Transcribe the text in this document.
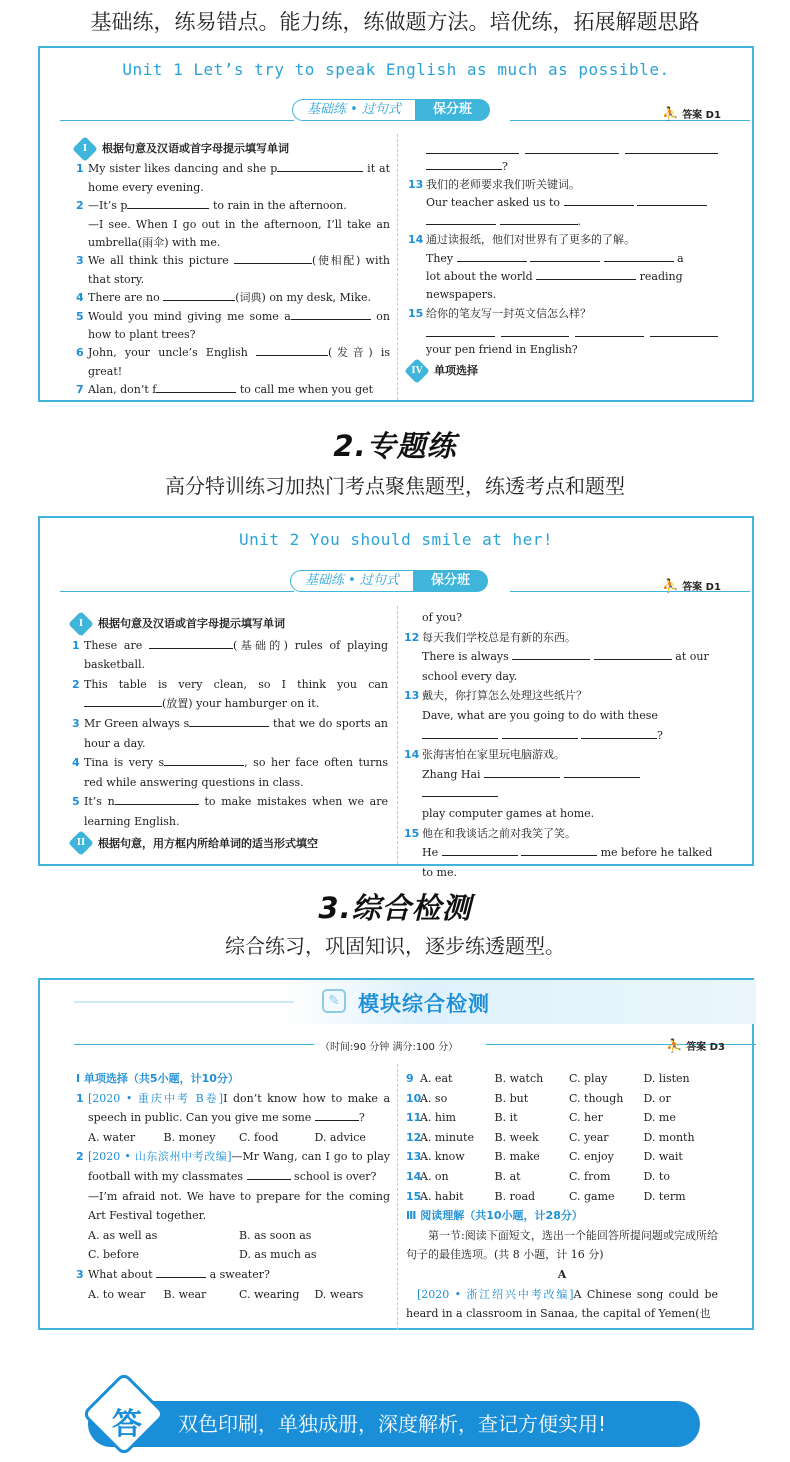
基础练，练易错点。能力练，练做题方法。培优练，拓展解题思路
Unit 1 Let’s try to speak English as much as possible.
基础练 • 过句式	保分班	⛹ 答案 D1
I	根据句意及汉语或首字母提示填写单词
1 My sister likes dancing and she p	it at home every evening.
2 —It’s p	to rain in the afternoon.
—I see. When I go out in the afternoon, I’ll take an umbrella(雨伞) with me.
3 We all think this picture	(使相配) with that story.
4 There are no	(词典) on my desk, Mike.
5 Would you mind giving me some a	on how to plant trees?
6 John, your uncle’s English	(发音) is great!
7 Alan, don’t f	to call me when you get
?
13 我们的老师要求我们听关键词。
Our teacher asked us to
.
14 通过读报纸，他们对世界有了更多的了解。
They	a
lot about the world	reading
newspapers.
15 给你的笔友写一封英文信怎么样？
your pen friend in English?
IV	单项选择
2.专题练
高分特训练习加热门考点聚焦题型，练透考点和题型
Unit 2 You should smile at her!
基础练 • 过句式	保分班	⛹ 答案 D1
I	根据句意及汉语或首字母提示填写单词
1 These are	(基础的) rules of playing basketball.
2 This table is very clean, so I think you can (放置) your hamburger on it.
3 Mr Green always s	that we do sports an hour a day.
4 Tina is very s	, so her face often turns red while answering questions in class.
5 It’s n	to make mistakes when we are learning English.
II	根据句意，用方框内所给单词的适当形式填空
of you?
12 每天我们学校总是有新的东西。
There is always	at our
school every day.
13 戴夫，你打算怎么处理这些纸片？
Dave, what are you going to do with these
?
14 张海害怕在家里玩电脑游戏。
Zhang Hai
play computer games at home.
15 他在和我谈话之前对我笑了笑。
He	me before he talked
to me.
3.综合检测
综合练习，巩固知识，逐步练透题型。
✎ 模块综合检测
（时间:90 分钟 满分:100 分）	⛹ 答案 D3
Ⅰ 单项选择（共5小题，计10分）
1 [2020 • 重庆中考 B卷]I don’t know how to make a speech in public. Can you give me some	?
A. water	B. money	C. food	D. advice
2 [2020 • 山东滨州中考改编]—Mr Wang, can I go to play football with my classmates	school is over?
—I’m afraid not. We have to prepare for the coming Art Festival together.
A. as well as	B. as soon as
C. before	D. as much as
3 What about	a sweater?
A. to wear	B. wear	C. wearing	D. wears
9 A. eat	B. watch	C. play	D. listen
10
A. so	B. but	C. though	D. or
11
A. him	B. it	C. her	D. me
12
A. minute	B. week	C. year	D. month
13
A. know	B. make	C. enjoy	D. wait
14
A. on	B. at	C. from	D. to
15
A. habit	B. road	C. game	D. term
Ⅲ 阅读理解（共10小题，计28分）
第一节:阅读下面短文，选出一个能回答所提问题或完成所给句子的最佳选项。(共 8 小题，计 16 分)
A
[2020 • 浙江绍兴中考改编]A Chinese song could be heard in a classroom in Sanaa, the capital of Yemen(也
双色印刷，单独成册，深度解析，查记方便实用!
答
